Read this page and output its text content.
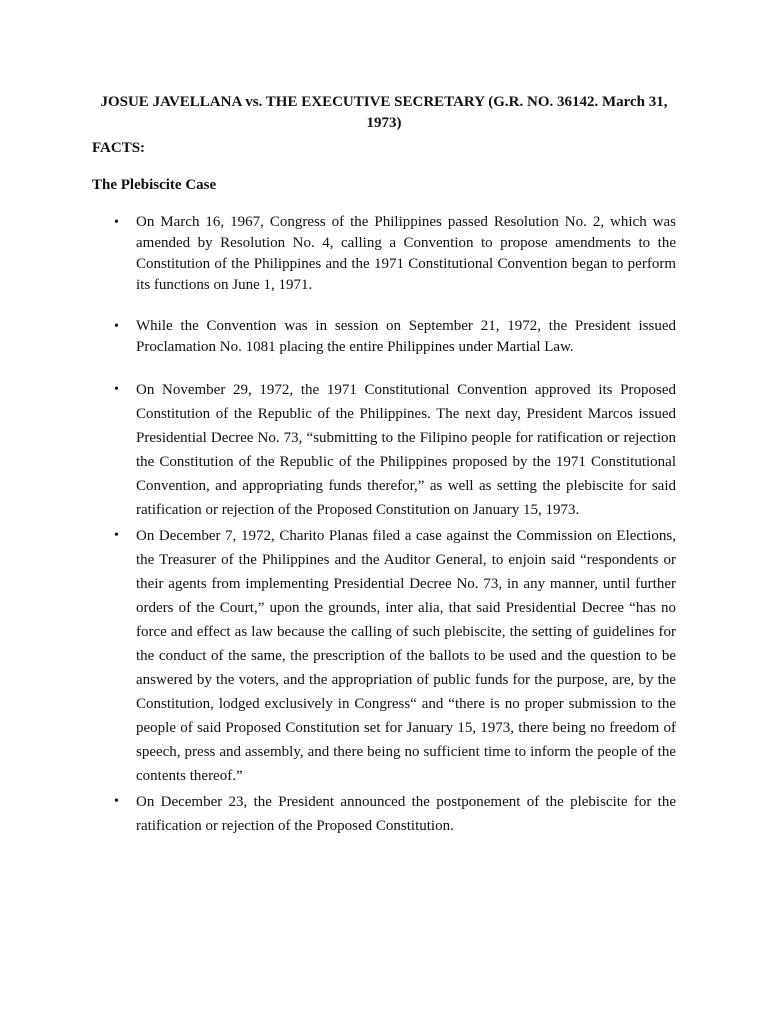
JOSUE JAVELLANA vs. THE EXECUTIVE SECRETARY (G.R. NO. 36142. March 31, 1973)
FACTS:
The Plebiscite Case
• On March 16, 1967, Congress of the Philippines passed Resolution No. 2, which was amended by Resolution No. 4, calling a Convention to propose amendments to the Constitution of the Philippines and the 1971 Constitutional Convention began to perform its functions on June 1, 1971.
• While the Convention was in session on September 21, 1972, the President issued Proclamation No. 1081 placing the entire Philippines under Martial Law.
• On November 29, 1972, the 1971 Constitutional Convention approved its Proposed Constitution of the Republic of the Philippines. The next day, President Marcos issued Presidential Decree No. 73, “submitting to the Filipino people for ratification or rejection the Constitution of the Republic of the Philippines proposed by the 1971 Constitutional Convention, and appropriating funds therefor,” as well as setting the plebiscite for said ratification or rejection of the Proposed Constitution on January 15, 1973.
• On December 7, 1972, Charito Planas filed a case against the Commission on Elections, the Treasurer of the Philippines and the Auditor General, to enjoin said “respondents or their agents from implementing Presidential Decree No. 73, in any manner, until further orders of the Court,” upon the grounds, inter alia, that said Presidential Decree “has no force and effect as law because the calling of such plebiscite, the setting of guidelines for the conduct of the same, the prescription of the ballots to be used and the question to be answered by the voters, and the appropriation of public funds for the purpose, are, by the Constitution, lodged exclusively in Congress“ and “there is no proper submission to the people of said Proposed Constitution set for January 15, 1973, there being no freedom of speech, press and assembly, and there being no sufficient time to inform the people of the contents thereof.”
• On December 23, the President announced the postponement of the plebiscite for the ratification or rejection of the Proposed Constitution.
